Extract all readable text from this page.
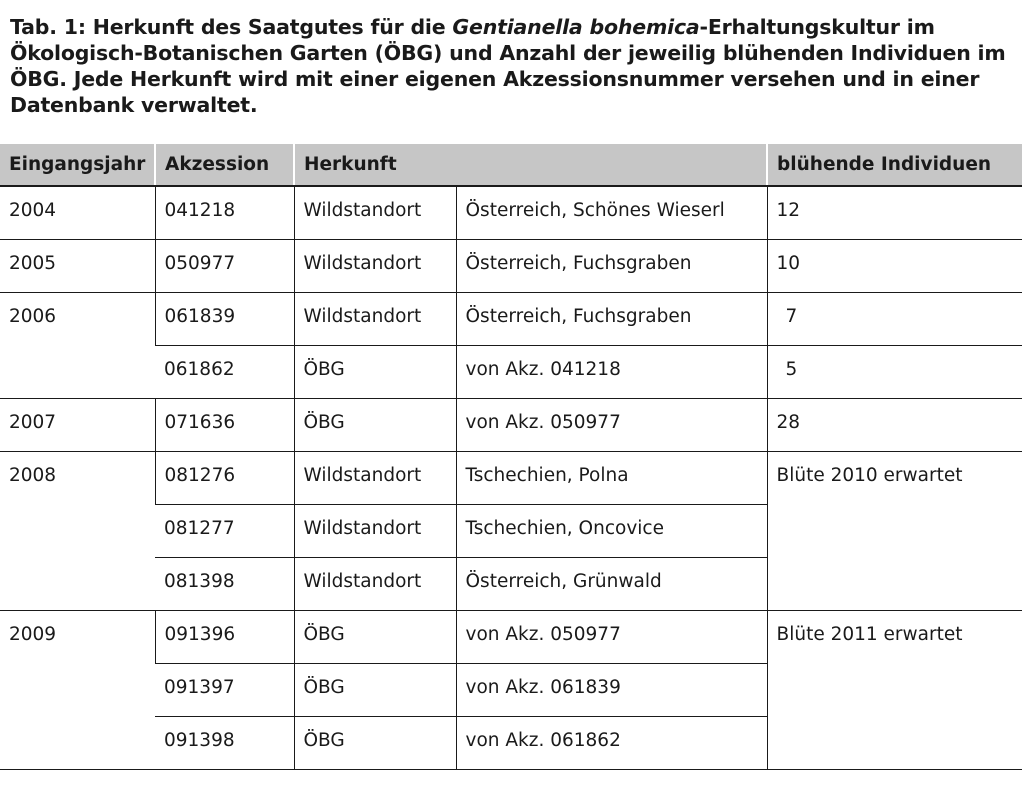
Tab. 1: Herkunft des Saatgutes für die Gentianella bohemica-Erhaltungskultur im Ökologisch-Botanischen Garten (ÖBG) und Anzahl der jeweilig blühenden Individuen im ÖBG. Jede Herkunft wird mit einer eigenen Akzessionsnummer versehen und in einer Datenbank verwaltet.
Eingangsjahr	Akzession	Herkunft		blühende Individuen
2004	041218	Wildstandort	Österreich, Schönes Wieserl	12
2005	050977	Wildstandort	Österreich, Fuchsgraben	10
2006	061839	Wildstandort	Österreich, Fuchsgraben	7
	061862	ÖBG	von Akz. 041218	5
2007	071636	ÖBG	von Akz. 050977	28
2008	081276	Wildstandort	Tschechien, Polna	Blüte 2010 erwartet
	081277	Wildstandort	Tschechien, Oncovice	
	081398	Wildstandort	Österreich, Grünwald	
2009	091396	ÖBG	von Akz. 050977	Blüte 2011 erwartet
	091397	ÖBG	von Akz. 061839	
	091398	ÖBG	von Akz. 061862	
